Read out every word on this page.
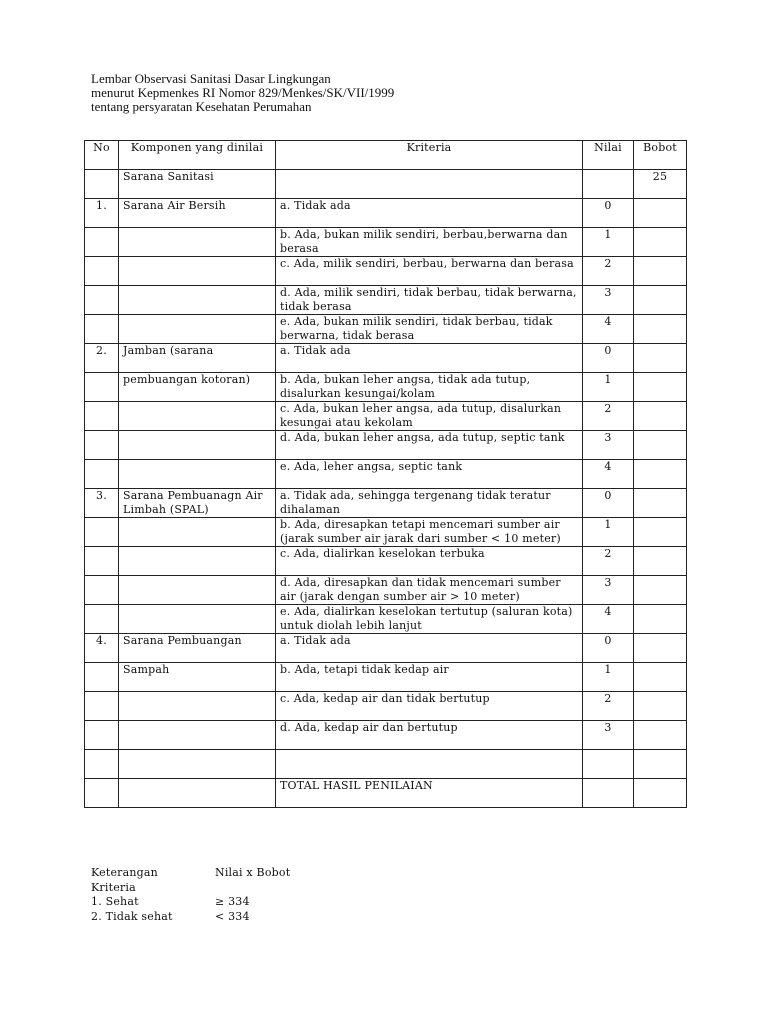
Lembar Observasi Sanitasi Dasar Lingkungan
menurut Kepmenkes RI Nomor 829/Menkes/SK/VII/1999
tentang persyaratan Kesehatan Perumahan
No	Komponen yang dinilai	Kriteria	Nilai	Bobot
	Sarana Sanitasi			25
1.	Sarana Air Bersih	a. Tidak ada	0	
		b. Ada, bukan milik sendiri, berbau,berwarna dan berasa	1	
		c. Ada, milik sendiri, berbau, berwarna dan berasa	2	
		d. Ada, milik sendiri, tidak berbau, tidak berwarna, tidak berasa	3	
		e. Ada, bukan milik sendiri, tidak berbau, tidak berwarna, tidak berasa	4	
2.	Jamban (sarana	a. Tidak ada	0	
	pembuangan kotoran)	b. Ada, bukan leher angsa, tidak ada tutup, disalurkan kesungai/kolam	1	
		c. Ada, bukan leher angsa, ada tutup, disalurkan kesungai atau kekolam	2	
		d. Ada, bukan leher angsa, ada tutup, septic tank	3	
		e. Ada, leher angsa, septic tank	4	
3.	Sarana Pembuanagn Air Limbah (SPAL)	a. Tidak ada, sehingga tergenang tidak teratur dihalaman	0	
		b. Ada, diresapkan tetapi mencemari sumber air (jarak sumber air jarak dari sumber < 10 meter)	1	
		c. Ada, dialirkan keselokan terbuka	2	
		d. Ada, diresapkan dan tidak mencemari sumber air (jarak dengan sumber air > 10 meter)	3	
		e. Ada, dialirkan keselokan tertutup (saluran kota) untuk diolah lebih lanjut	4	
4.	Sarana Pembuangan	a. Tidak ada	0	
	Sampah	b. Ada, tetapi tidak kedap air	1	
		c. Ada, kedap air dan tidak bertutup	2	
		d. Ada, kedap air dan bertutup	3	

		TOTAL HASIL PENILAIAN		
Keterangan	Nilai x Bobot
Kriteria
1. Sehat	≥ 334
2. Tidak sehat	< 334
